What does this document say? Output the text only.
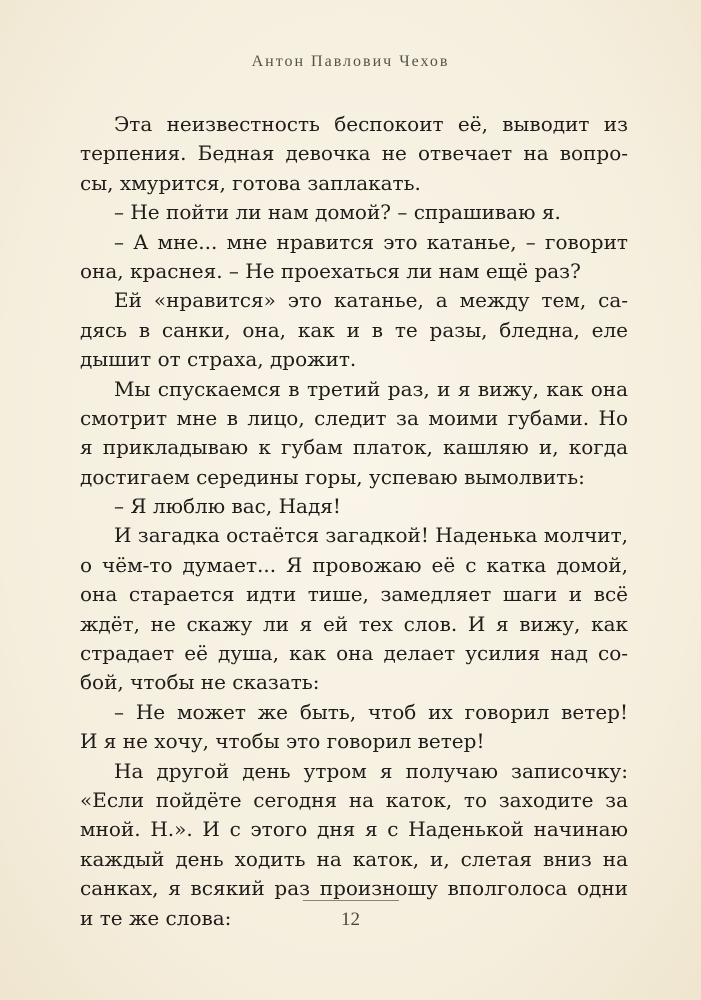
Антон Павлович Чехов
Эта неизвестность беспокоит её, выводит из
терпения. Бедная девочка не отвечает на вопро-
сы, хмурится, готова заплакать.
– Не пойти ли нам домой? – спрашиваю я.
– А мне... мне нравится это катанье, – говорит
она, краснея. – Не проехаться ли нам ещё раз?
Ей «нравится» это катанье, а между тем, са-
дясь в санки, она, как и в те разы, бледна, еле
дышит от страха, дрожит.
Мы спускаемся в третий раз, и я вижу, как она
смотрит мне в лицо, следит за моими губами. Но
я прикладываю к губам платок, кашляю и, когда
достигаем середины горы, успеваю вымолвить:
– Я люблю вас, Надя!
И загадка остаётся загадкой! Наденька молчит,
о чём-то думает... Я провожаю её с катка домой,
она старается идти тише, замедляет шаги и всё
ждёт, не скажу ли я ей тех слов. И я вижу, как
страдает её душа, как она делает усилия над со-
бой, чтобы не сказать:
– Не может же быть, чтоб их говорил ветер!
И я не хочу, чтобы это говорил ветер!
На другой день утром я получаю записочку:
«Если пойдёте сегодня на каток, то заходите за
мной. Н.». И с этого дня я с Наденькой начинаю
каждый день ходить на каток, и, слетая вниз на
санках, я всякий раз произношу вполголоса одни
и те же слова:	12
